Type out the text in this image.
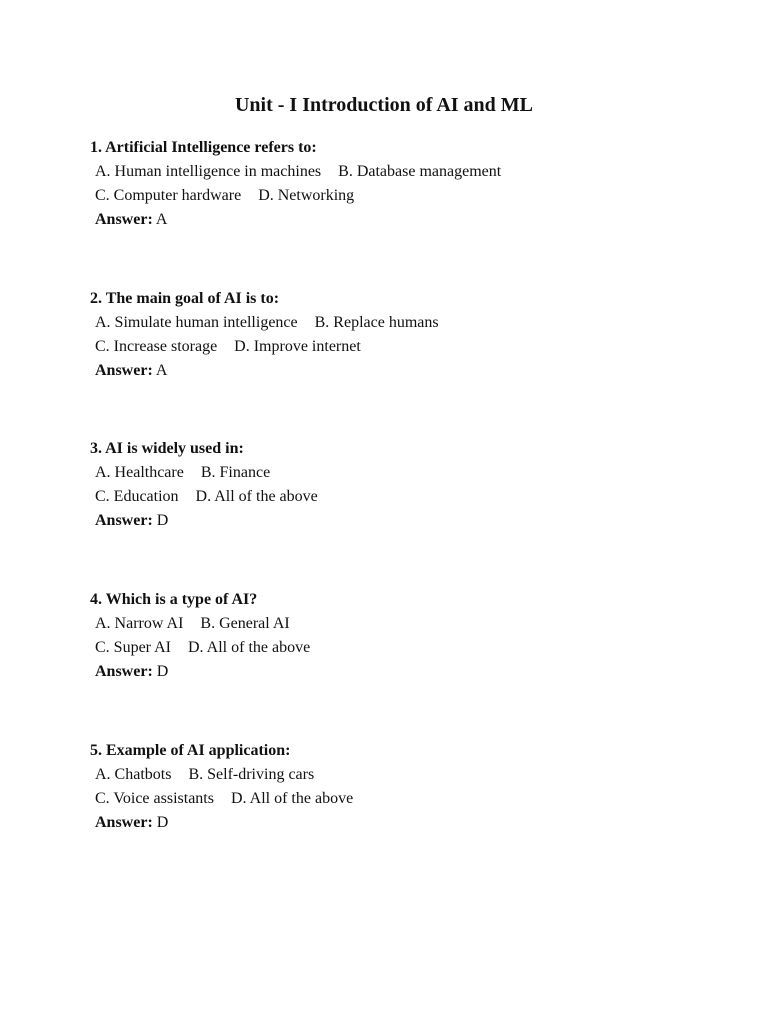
Unit - I Introduction of AI and ML
1. Artificial Intelligence refers to:
A. Human intelligence in machines B. Database management
C. Computer hardware D. Networking
Answer: A
2. The main goal of AI is to:
A. Simulate human intelligence B. Replace humans
C. Increase storage D. Improve internet
Answer: A
3. AI is widely used in:
A. Healthcare B. Finance
C. Education D. All of the above
Answer: D
4. Which is a type of AI?
A. Narrow AI B. General AI
C. Super AI D. All of the above
Answer: D
5. Example of AI application:
A. Chatbots B. Self-driving cars
C. Voice assistants D. All of the above
Answer: D
